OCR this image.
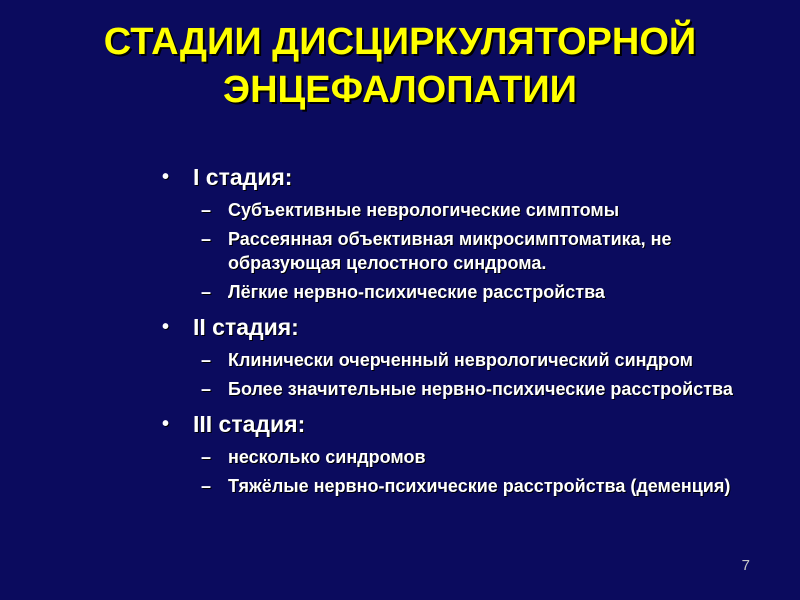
СТАДИИ ДИСЦИРКУЛЯТОРНОЙ
ЭНЦЕФАЛОПАТИИ
• I стадия:
– Субъективные неврологические симптомы
– Рассеянная объективная микросимптоматика, не образующая целостного синдрома.
– Лёгкие нервно-психические расстройства
• II стадия:
– Клинически очерченный неврологический синдром
– Более значительные нервно-психические расстройства
• III стадия:
– несколько синдромов
– Тяжёлые нервно-психические расстройства (деменция)
7
